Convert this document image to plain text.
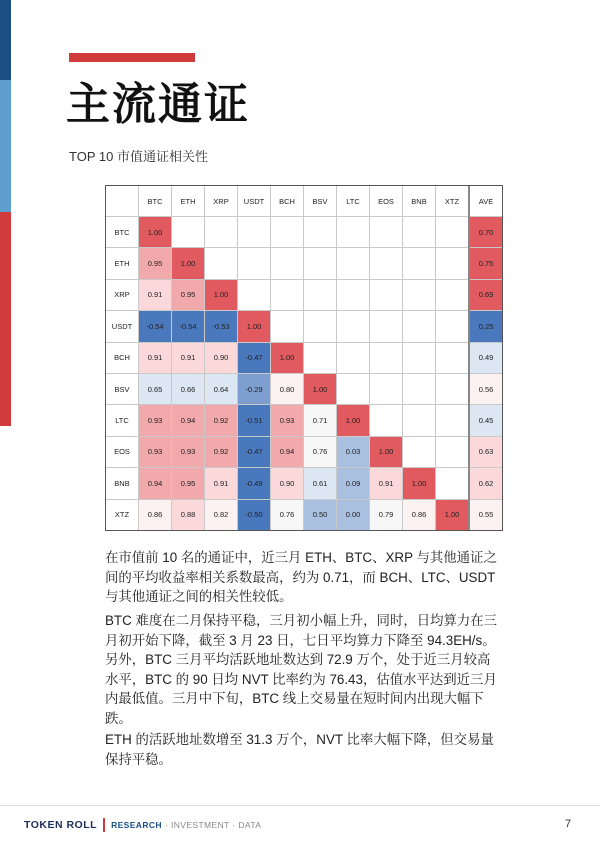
主流通证
TOP 10 市值通证相关性
	BTC	ETH	XRP	USDT	BCH	BSV	LTC	EOS	BNB	XTZ	AVE
BTC	1.00										0.70
ETH	0.95	1.00									0.75
XRP	0.91	0.95	1.00								0.69
USDT	-0.54	-0.54	-0.53	1.00							0.25
BCH	0.91	0.91	0.90	-0.47	1.00						0.49
BSV	0.65	0.66	0.64	-0.29	0.80	1.00					0.56
LTC	0.93	0.94	0.92	-0.51	0.93	0.71	1.00				0.45
EOS	0.93	0.93	0.92	-0.47	0.94	0.76	0.03	1.00			0.63
BNB	0.94	0.95	0.91	-0.49	0.90	0.61	0.09	0.91	1.00		0.62
XTZ	0.86	0.88	0.82	-0.50	0.76	0.50	0.00	0.79	0.86	1.00	0.55

在市值前 10 名的通证中，近三月 ETH、BTC、XRP 与其他通证之间的平均收益率相关系数最高，约为 0.71，而 BCH、LTC、USDT 与其他通证之间的相关性较低。

BTC 难度在二月保持平稳，三月初小幅上升，同时，日均算力在三月初开始下降，截至 3 月 23 日，七日平均算力下降至 94.3EH/s。另外，BTC 三月平均活跃地址数达到 72.9 万个，处于近三月较高水平，BTC 的 90 日均 NVT 比率约为 76.43，估值水平达到近三月内最低值。三月中下旬，BTC 线上交易量在短时间内出现大幅下跌。

ETH 的活跃地址数增至 31.3 万个，NVT 比率大幅下降，但交易量保持平稳。

TOKEN ROLL RESEARCH · INVESTMENT · DATA	7
